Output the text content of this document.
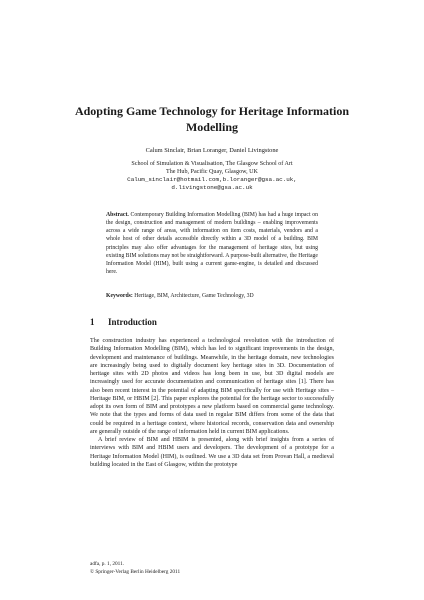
Adopting Game Technology for Heritage Information
Modelling
Calum Sinclair, Brian Loranger, Daniel Livingstone
School of Simulation & Visualisation, The Glasgow School of Art
The Hub, Pacific Quay, Glasgow, UK
Calum_sinclair@hotmail.com,b.loranger@gsa.ac.uk,
d.livingstone@gsa.ac.uk
Abstract. Contemporary Building Information Modelling (BIM) has had a huge impact on the design, construction and management of modern buildings – enabling improvements across a wide range of areas, with information on item costs, materials, vendors and a whole host of other details accessible directly within a 3D model of a building. BIM principles may also offer advantages for the management of heritage sites, but using existing BIM solutions may not be straightforward. A purpose-built alternative, the Heritage Information Model (HIM), built using a current game-engine, is detailed and discussed here.
Keywords: Heritage, BIM, Architecture, Game Technology, 3D
1 Introduction

The construction industry has experienced a technological revolution with the introduction of Building Information Modelling (BIM), which has led to significant improvements in the design, development and maintenance of buildings. Meanwhile, in the heritage domain, new technologies are increasingly being used to digitally document key heritage sites in 3D. Documentation of heritage sites with 2D photos and videos has long been in use, but 3D digital models are increasingly used for accurate documentation and communication of heritage sites [1]. There has also been recent interest in the potential of adapting BIM specifically for use with Heritage sites – Heritage BIM, or HBIM [2]. This paper explores the potential for the heritage sector to successfully adopt its own form of BIM and prototypes a new platform based on commercial game technology. We note that the types and forms of data used in regular BIM differs from some of the data that could be required in a heritage context, where historical records, conservation data and ownership are generally outside of the range of information held in current BIM applications.

A brief review of BIM and HBIM is presented, along with brief insights from a series of interviews with BIM and HBIM users and developers. The development of a prototype for a Heritage Information Model (HIM), is outlined. We use a 3D data set from Provan Hall, a medieval building located in the East of Glasgow, within the prototype

adfa, p. 1, 2011.
© Springer-Verlag Berlin Heidelberg 2011
